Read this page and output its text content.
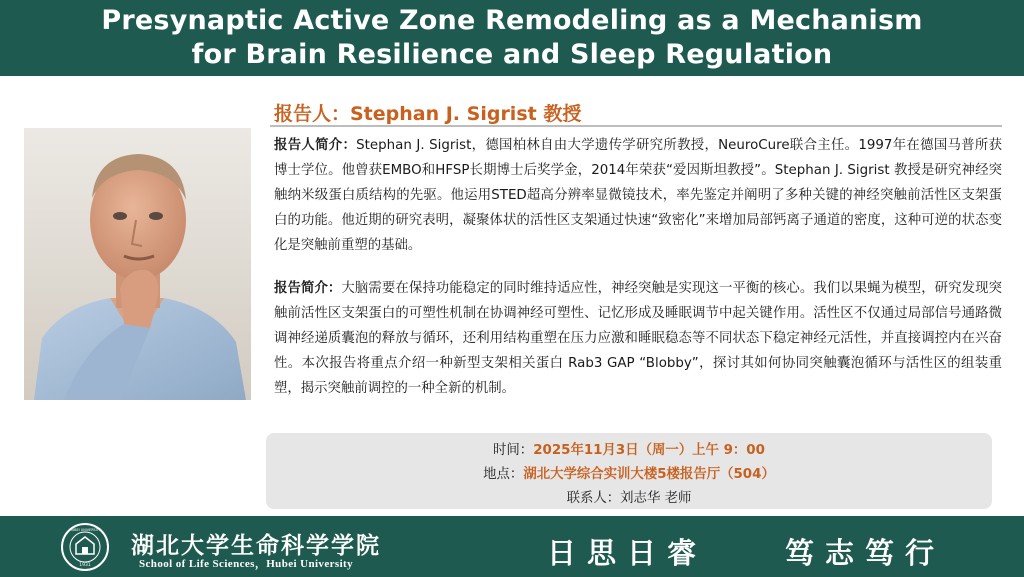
Presynaptic Active Zone Remodeling as a Mechanism
for Brain Resilience and Sleep Regulation
报告人：Stephan J. Sigrist 教授
报告人简介：Stephan J. Sigrist，德国柏林自由大学遗传学研究所教授，NeuroCure联合主任。1997年在德国马普所获博士学位。他曾获EMBO和HFSP长期博士后奖学金，2014年荣获“爱因斯坦教授”。Stephan J. Sigrist 教授是研究神经突触纳米级蛋白质结构的先驱。他运用STED超高分辨率显微镜技术，率先鉴定并阐明了多种关键的神经突触前活性区支架蛋白的功能。他近期的研究表明，凝聚体状的活性区支架通过快速“致密化”来增加局部钙离子通道的密度，这种可逆的状态变化是突触前重塑的基础。
报告简介：大脑需要在保持功能稳定的同时维持适应性，神经突触是实现这一平衡的核心。我们以果蝇为模型，研究发现突触前活性区支架蛋白的可塑性机制在协调神经可塑性、记忆形成及睡眠调节中起关键作用。活性区不仅通过局部信号通路微调神经递质囊泡的释放与循环，还利用结构重塑在压力应激和睡眠稳态等不同状态下稳定神经元活性，并直接调控内在兴奋性。本次报告将重点介绍一种新型支架相关蛋白 Rab3 GAP “Blobby”，探讨其如何协同突触囊泡循环与活性区的组装重塑，揭示突触前调控的一种全新的机制。
时间：2025年11月3日（周一）上午 9：00
地点：湖北大学综合实训大楼5楼报告厅（504）
联系人：刘志华 老师
1931
HUBEI UNIVERSITY
湖北大学生命科学学院
School of Life Sciences，Hubei University	日思日睿	笃志笃行
